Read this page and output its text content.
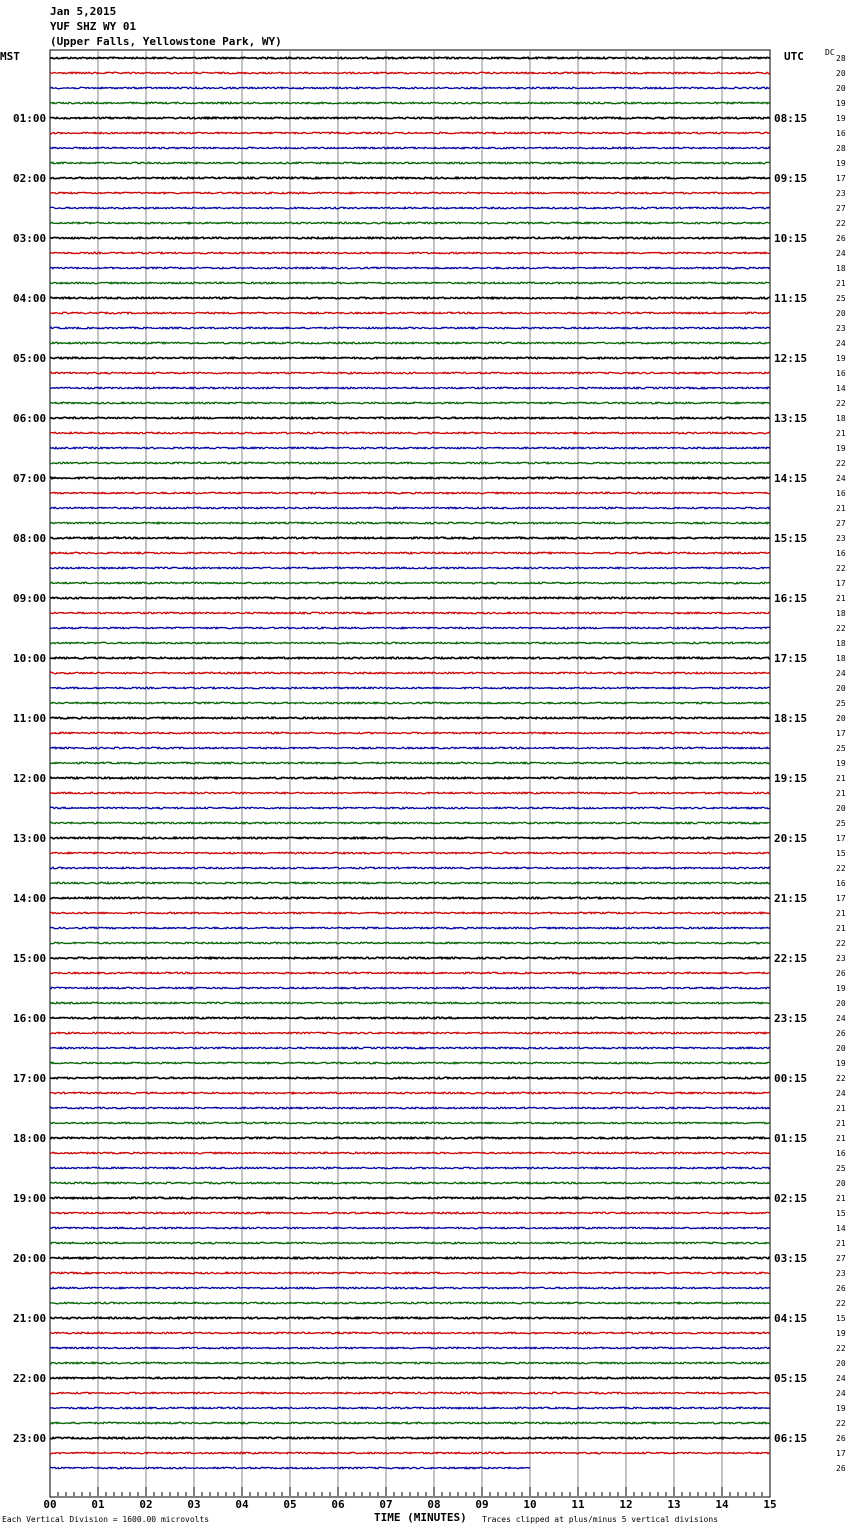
Jan 5,2015
YUF SHZ WY 01
(Upper Falls, Yellowstone Park, WY)
MST	UTC	DC
28
20
20
19
19
16
28
19
17
23
27
22
26
24
18
21
25
20
23
24
19
16
14
22
18
21
19
22
24
16
21
27
23
16
22
17
21
18
22
18
18
24
20
25
20
17
25
19
21
21
20
25
17
15
22
16
17
21
21
22
23
26
19
20
24
26
20
19
22
24
21
21
21
16
25
20
21
15
14
21
27
23
26
22
15
19
22
20
24
24
19
22
26
17
26
01:00	08:15
02:00	09:15
03:00	10:15
04:00	11:15
05:00	12:15
06:00	13:15
07:00	14:15
08:00	15:15
09:00	16:15
10:00	17:15
11:00	18:15
12:00	19:15
13:00	20:15
14:00	21:15
15:00	22:15
16:00	23:15
17:00	00:15
18:00	01:15
19:00	02:15
20:00	03:15
21:00	04:15
22:00	05:15
23:00	06:15
00	01	02	03	04	05	06	07	08	09	10	11	12	13	14	15
Each Vertical Division = 1600.00 microvolts	TIME (MINUTES) Traces clipped at plus/minus 5 vertical divisions
